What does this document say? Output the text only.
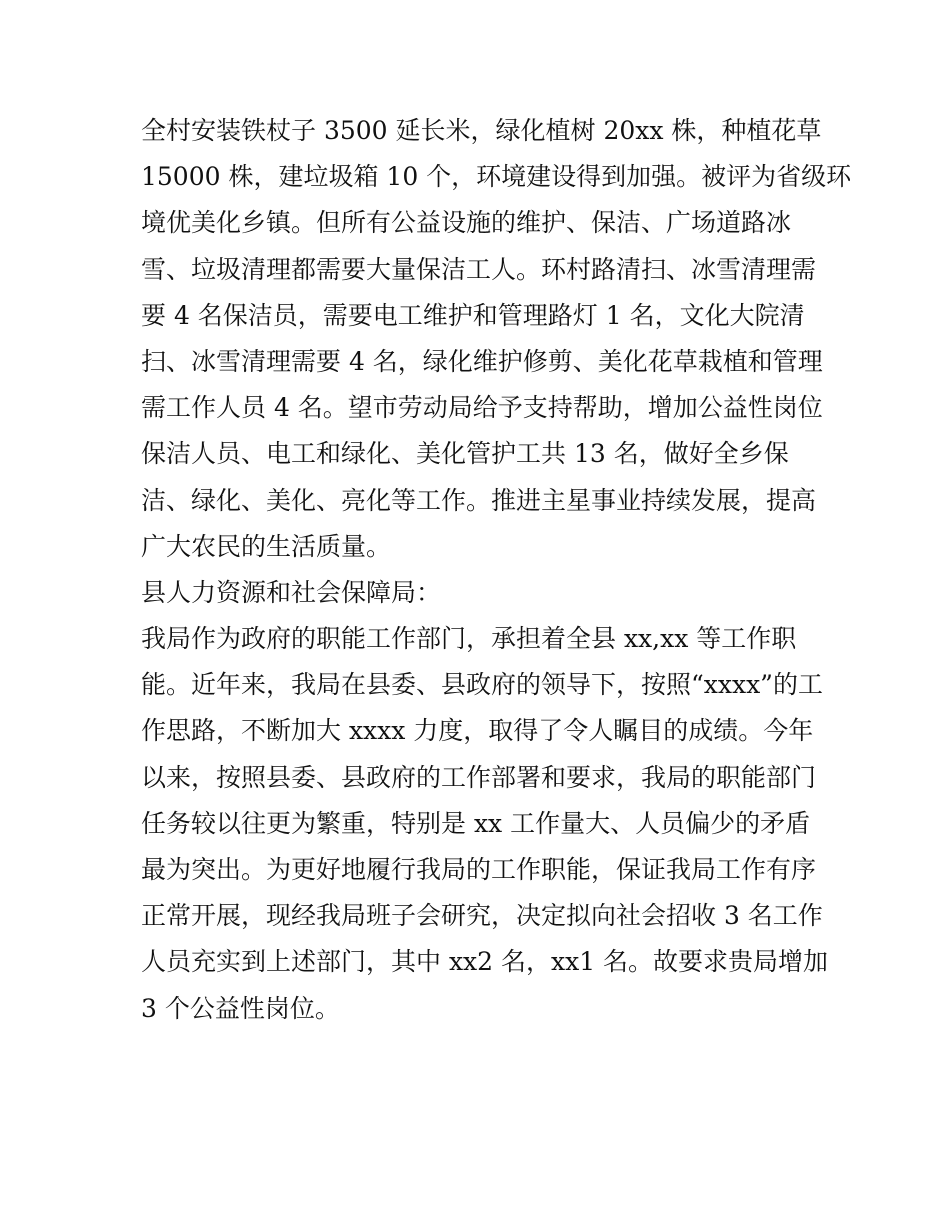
全村安装铁杖子 3500 延长米，绿化植树 20xx 株，种植花草
15000 株，建垃圾箱 10 个，环境建设得到加强。被评为省级环
境优美化乡镇。但所有公益设施的维护、保洁、广场道路冰
雪、垃圾清理都需要大量保洁工人。环村路清扫、冰雪清理需
要 4 名保洁员，需要电工维护和管理路灯 1 名，文化大院清
扫、冰雪清理需要 4 名，绿化维护修剪、美化花草栽植和管理
需工作人员 4 名。望市劳动局给予支持帮助，增加公益性岗位
保洁人员、电工和绿化、美化管护工共 13 名，做好全乡保
洁、绿化、美化、亮化等工作。推进主星事业持续发展，提高
广大农民的生活质量。
县人力资源和社会保障局：
我局作为政府的职能工作部门，承担着全县 xx,xx 等工作职
能。近年来，我局在县委、县政府的领导下，按照“xxxx”的工
作思路，不断加大 xxxx 力度，取得了令人瞩目的成绩。今年
以来，按照县委、县政府的工作部署和要求，我局的职能部门
任务较以往更为繁重，特别是 xx 工作量大、人员偏少的矛盾
最为突出。为更好地履行我局的工作职能，保证我局工作有序
正常开展，现经我局班子会研究，决定拟向社会招收 3 名工作
人员充实到上述部门，其中 xx2 名，xx1 名。故要求贵局增加
3 个公益性岗位。
